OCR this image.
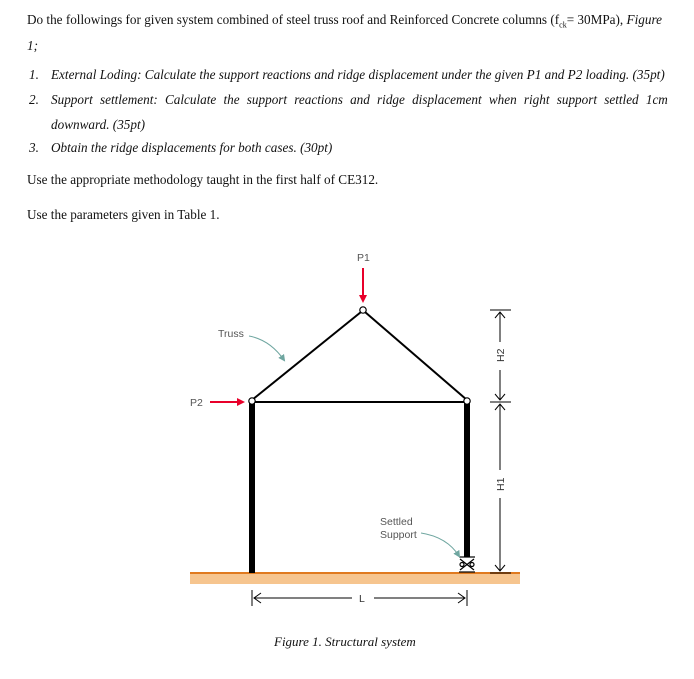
Do the followings for given system combined of steel truss roof and Reinforced Concrete columns $(f_{ck}= 30MPa)$, Figure
1;
1. External Loding: Calculate the support reactions and ridge displacement under the given P1 and P2 loading. (35pt)
2. Support settlement: Calculate the support reactions and ridge displacement when right support settled 1cm
downward. (35pt)
3. Obtain the ridge displacements for both cases. (30pt)
Use the appropriate methodology taught in the first half of CE312.
Use the parameters given in Table 1.
P1
P2
Truss
Settled
Support
H2
H1
L
Figure 1. Structural system
